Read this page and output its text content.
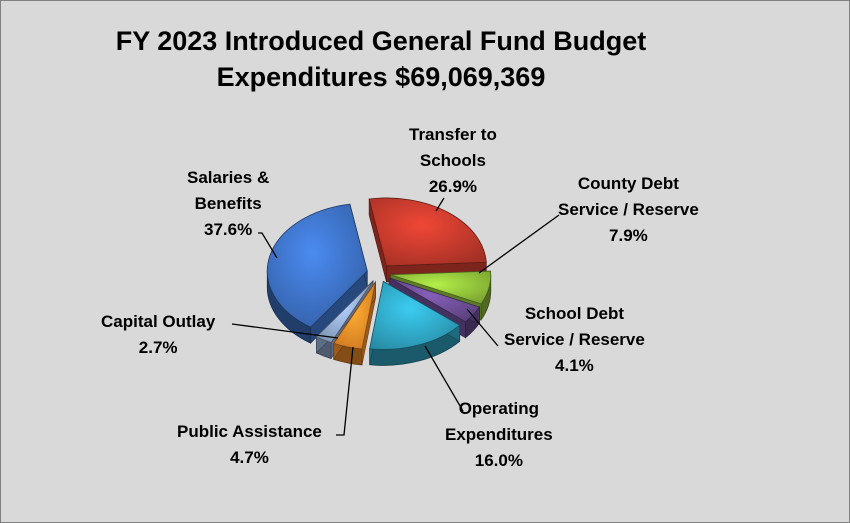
FY 2023 Introduced General Fund Budget
Expenditures $69,069,369
Transfer to
Schools
26.9%	County Debt
Service / Reserve
7.9%
School Debt
Service / Reserve
4.1%
Operating
Expenditures
16.0%
Public Assistance
4.7%
Capital Outlay
2.7%
Salaries &
Benefits
37.6%
